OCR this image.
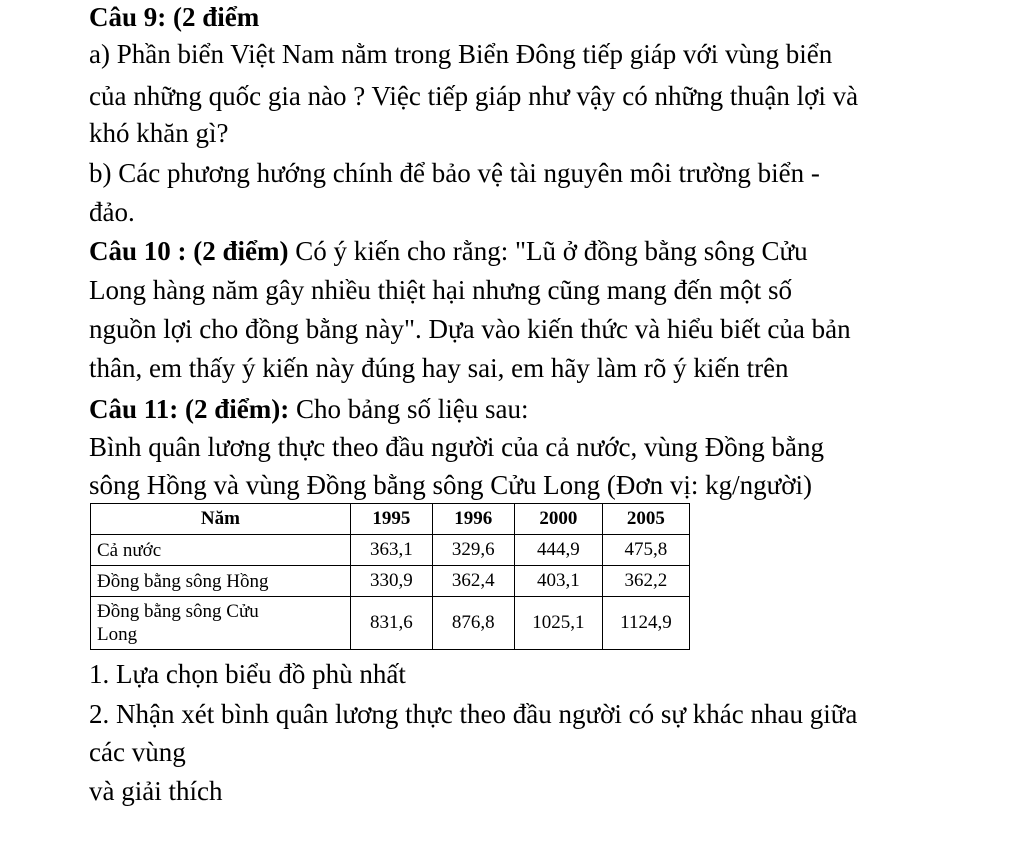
Câu 9: (2 điểm

a) Phần biển Việt Nam nằm trong Biển Đông tiếp giáp với vùng biển

của những quốc gia nào ? Việc tiếp giáp như vậy có những thuận lợi và

khó khăn gì?

b) Các phương hướng chính để bảo vệ tài nguyên môi trường biển -

đảo.

Câu 10 : (2 điểm) Có ý kiến cho rằng: "Lũ ở đồng bằng sông Cửu

Long hàng năm gây nhiều thiệt hại nhưng cũng mang đến một số

nguồn lợi cho đồng bằng này". Dựa vào kiến thức và hiểu biết của bản

thân, em thấy ý kiến này đúng hay sai, em hãy làm rõ ý kiến trên

Câu 11: (2 điểm): Cho bảng số liệu sau:

Bình quân lương thực theo đầu người của cả nước, vùng Đồng bằng

sông Hồng và vùng Đồng bằng sông Cửu Long (Đơn vị: kg/người)

Năm	1995	1996	2000	2005
Cả nước	363,1	329,6	444,9	475,8
Đồng bằng sông Hồng	330,9	362,4	403,1	362,2
Đồng bằng sông Cửu
Long	831,6	876,8	1025,1	1124,9

1. Lựa chọn biểu đồ phù nhất

2. Nhận xét bình quân lương thực theo đầu người có sự khác nhau giữa

các vùng

và giải thích
